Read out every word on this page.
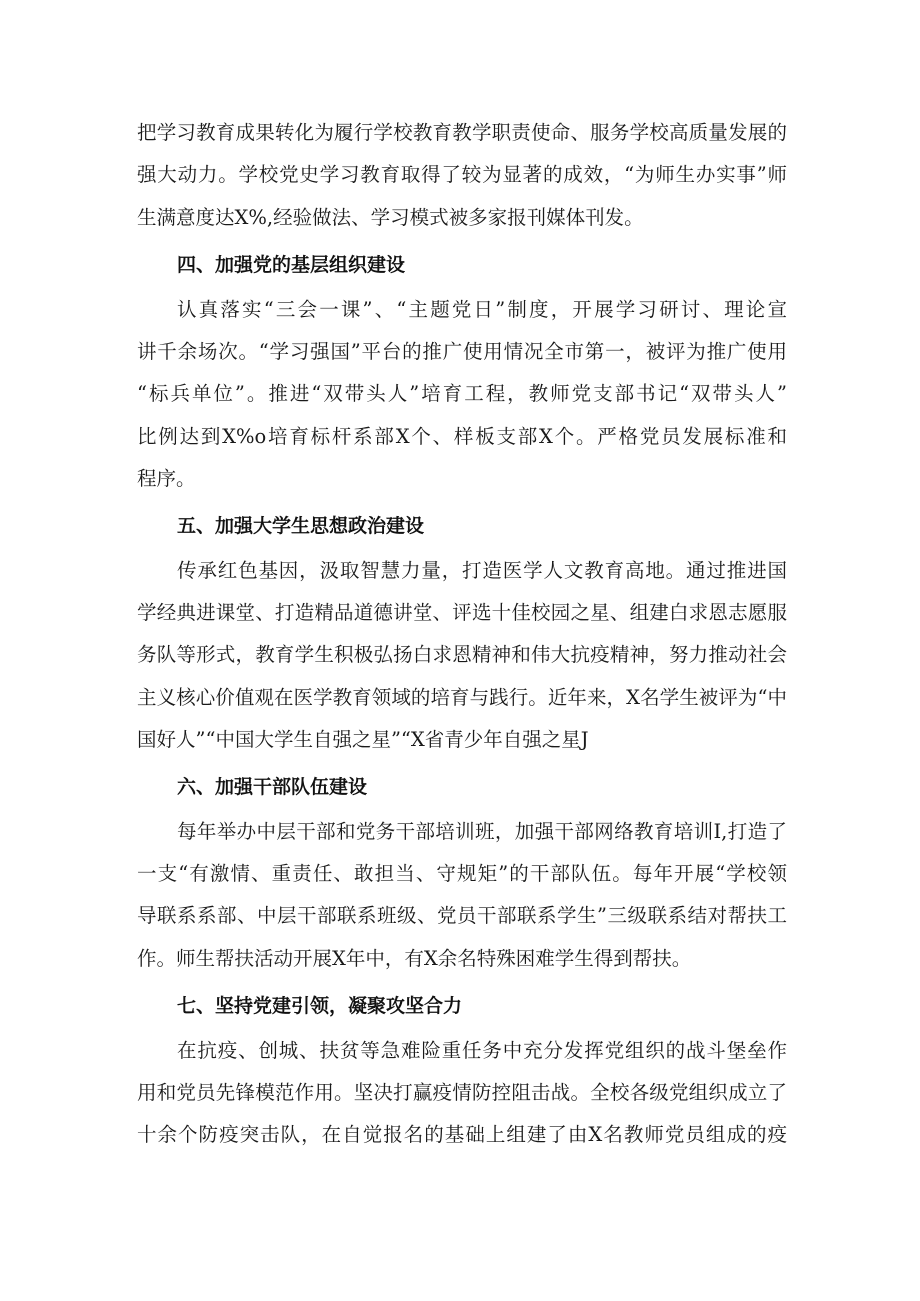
把学习教育成果转化为履行学校教育教学职责使命、服务学校高质量发展的
强大动力。学校党史学习教育取得了较为显著的成效，“为师生办实事”师
生满意度达X%,经验做法、学习模式被多家报刊媒体刊发。
四、加强党的基层组织建设
认真落实“三会一课”、“主题党日”制度，开展学习研讨、理论宣
讲千余场次。“学习强国”平台的推广使用情况全市第一，被评为推广使用
“标兵单位”。推进“双带头人”培育工程，教师党支部书记“双带头人”
比例达到X%o培育标杆系部X个、样板支部X个。严格党员发展标准和
程序。
五、加强大学生思想政治建设
传承红色基因，汲取智慧力量，打造医学人文教育高地。通过推进国
学经典进课堂、打造精品道德讲堂、评选十佳校园之星、组建白求恩志愿服
务队等形式，教育学生积极弘扬白求恩精神和伟大抗疫精神，努力推动社会
主义核心价值观在医学教育领域的培育与践行。近年来，X名学生被评为“中
国好人”“中国大学生自强之星”“X省青少年自强之星J
六、加强干部队伍建设
每年举办中层干部和党务干部培训班，加强干部网络教育培训I,打造了
一支“有激情、重责任、敢担当、守规矩”的干部队伍。每年开展“学校领
导联系系部、中层干部联系班级、党员干部联系学生”三级联系结对帮扶工
作。师生帮扶活动开展X年中，有X余名特殊困难学生得到帮扶。
七、坚持党建引领，凝聚攻坚合力
在抗疫、创城、扶贫等急难险重任务中充分发挥党组织的战斗堡垒作
用和党员先锋模范作用。坚决打赢疫情防控阻击战。全校各级党组织成立了
十余个防疫突击队，在自觉报名的基础上组建了由X名教师党员组成的疫
